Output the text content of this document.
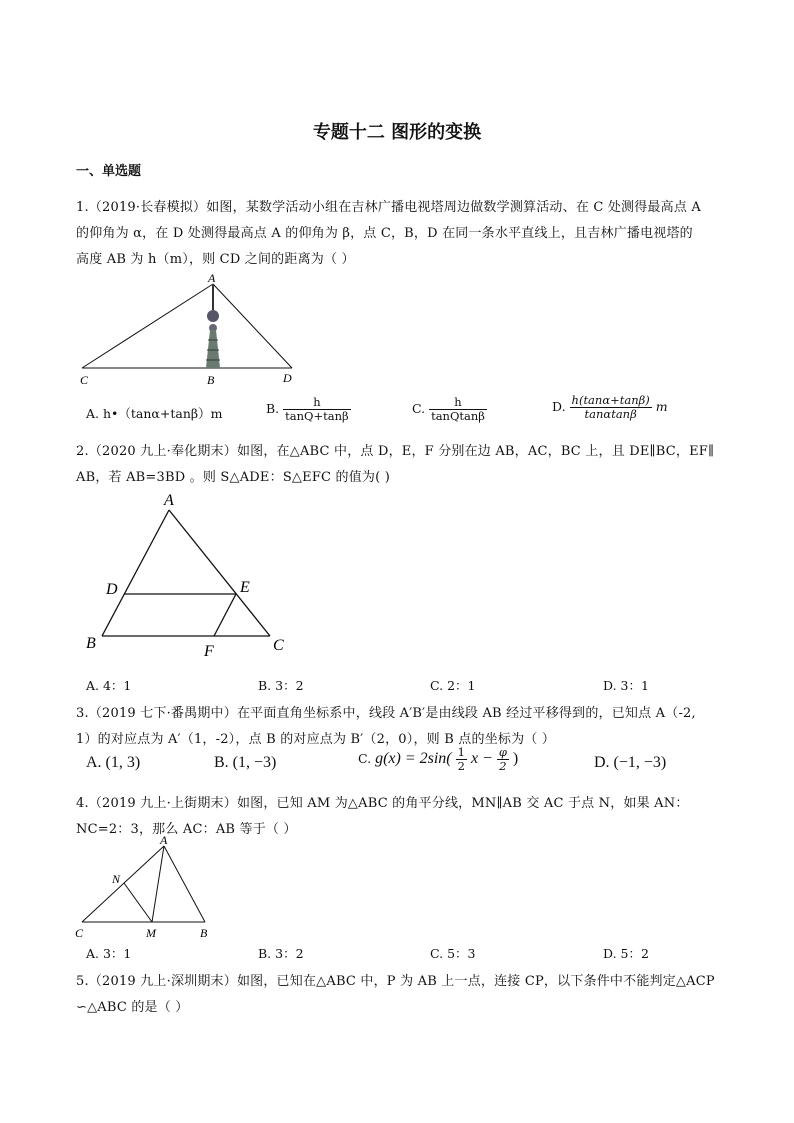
专题十二 图形的变换
一、单选题
1.（2019·长春模拟）如图，某数学活动小组在吉林广播电视塔周边做数学测算活动、在 C 处测得最高点 A
的仰角为 α，在 D 处测得最高点 A 的仰角为 β，点 C，B，D 在同一条水平直线上，且吉林广播电视塔的
高度 AB 为 h（m），则 CD 之间的距离为（ ）
A
C	B	D
A. h•（tanα+tanβ）m	B. $\frac{h}{\tan Q+\tan\beta}$	C. $\frac{h}{\text{tanQtanβ}}$	D. $\frac{h(\tan\alpha+\tan\beta)}{\tan\alpha\tan\beta}$ m
2.（2020 九上·奉化期末）如图，在△ABC 中，点 D，E，F 分别在边 AB，AC，BC 上，且 DE∥BC，EF∥
AB，若 AB=3BD 。则 S△ADE：S△EFC 的值为( )
A
D	E
B	C
F
A. 4：1	B. 3：2	C. 2：1	D. 3：1
3.（2019 七下·番禺期中）在平面直角坐标系中，线段 A′B′是由线段 AB 经过平移得到的，已知点 A（-2,
1）的对应点为 A′（1，-2），点 B 的对应点为 B′（2，0），则 B 点的坐标为（ ）
A. (1, 3)	B. (1, −3)	C. $g(x) = 2\sin( \frac{1}{2}$ $x - \frac{\varphi}{2}$ )	D. (−1, −3)
4.（2019 九上·上街期末）如图，已知 AM 为△ABC 的角平分线，MN∥AB 交 AC 于点 N，如果 AN：
NC=2：3，那么 AC：AB 等于（ ）
A
N
C	M	B
A. 3：1	B. 3：2	C. 5：3	D. 5：2
5.（2019 九上·深圳期末）如图，已知在△ABC 中，P 为 AB 上一点，连接 CP，以下条件中不能判定△ACP
∽△ABC 的是（ ）
